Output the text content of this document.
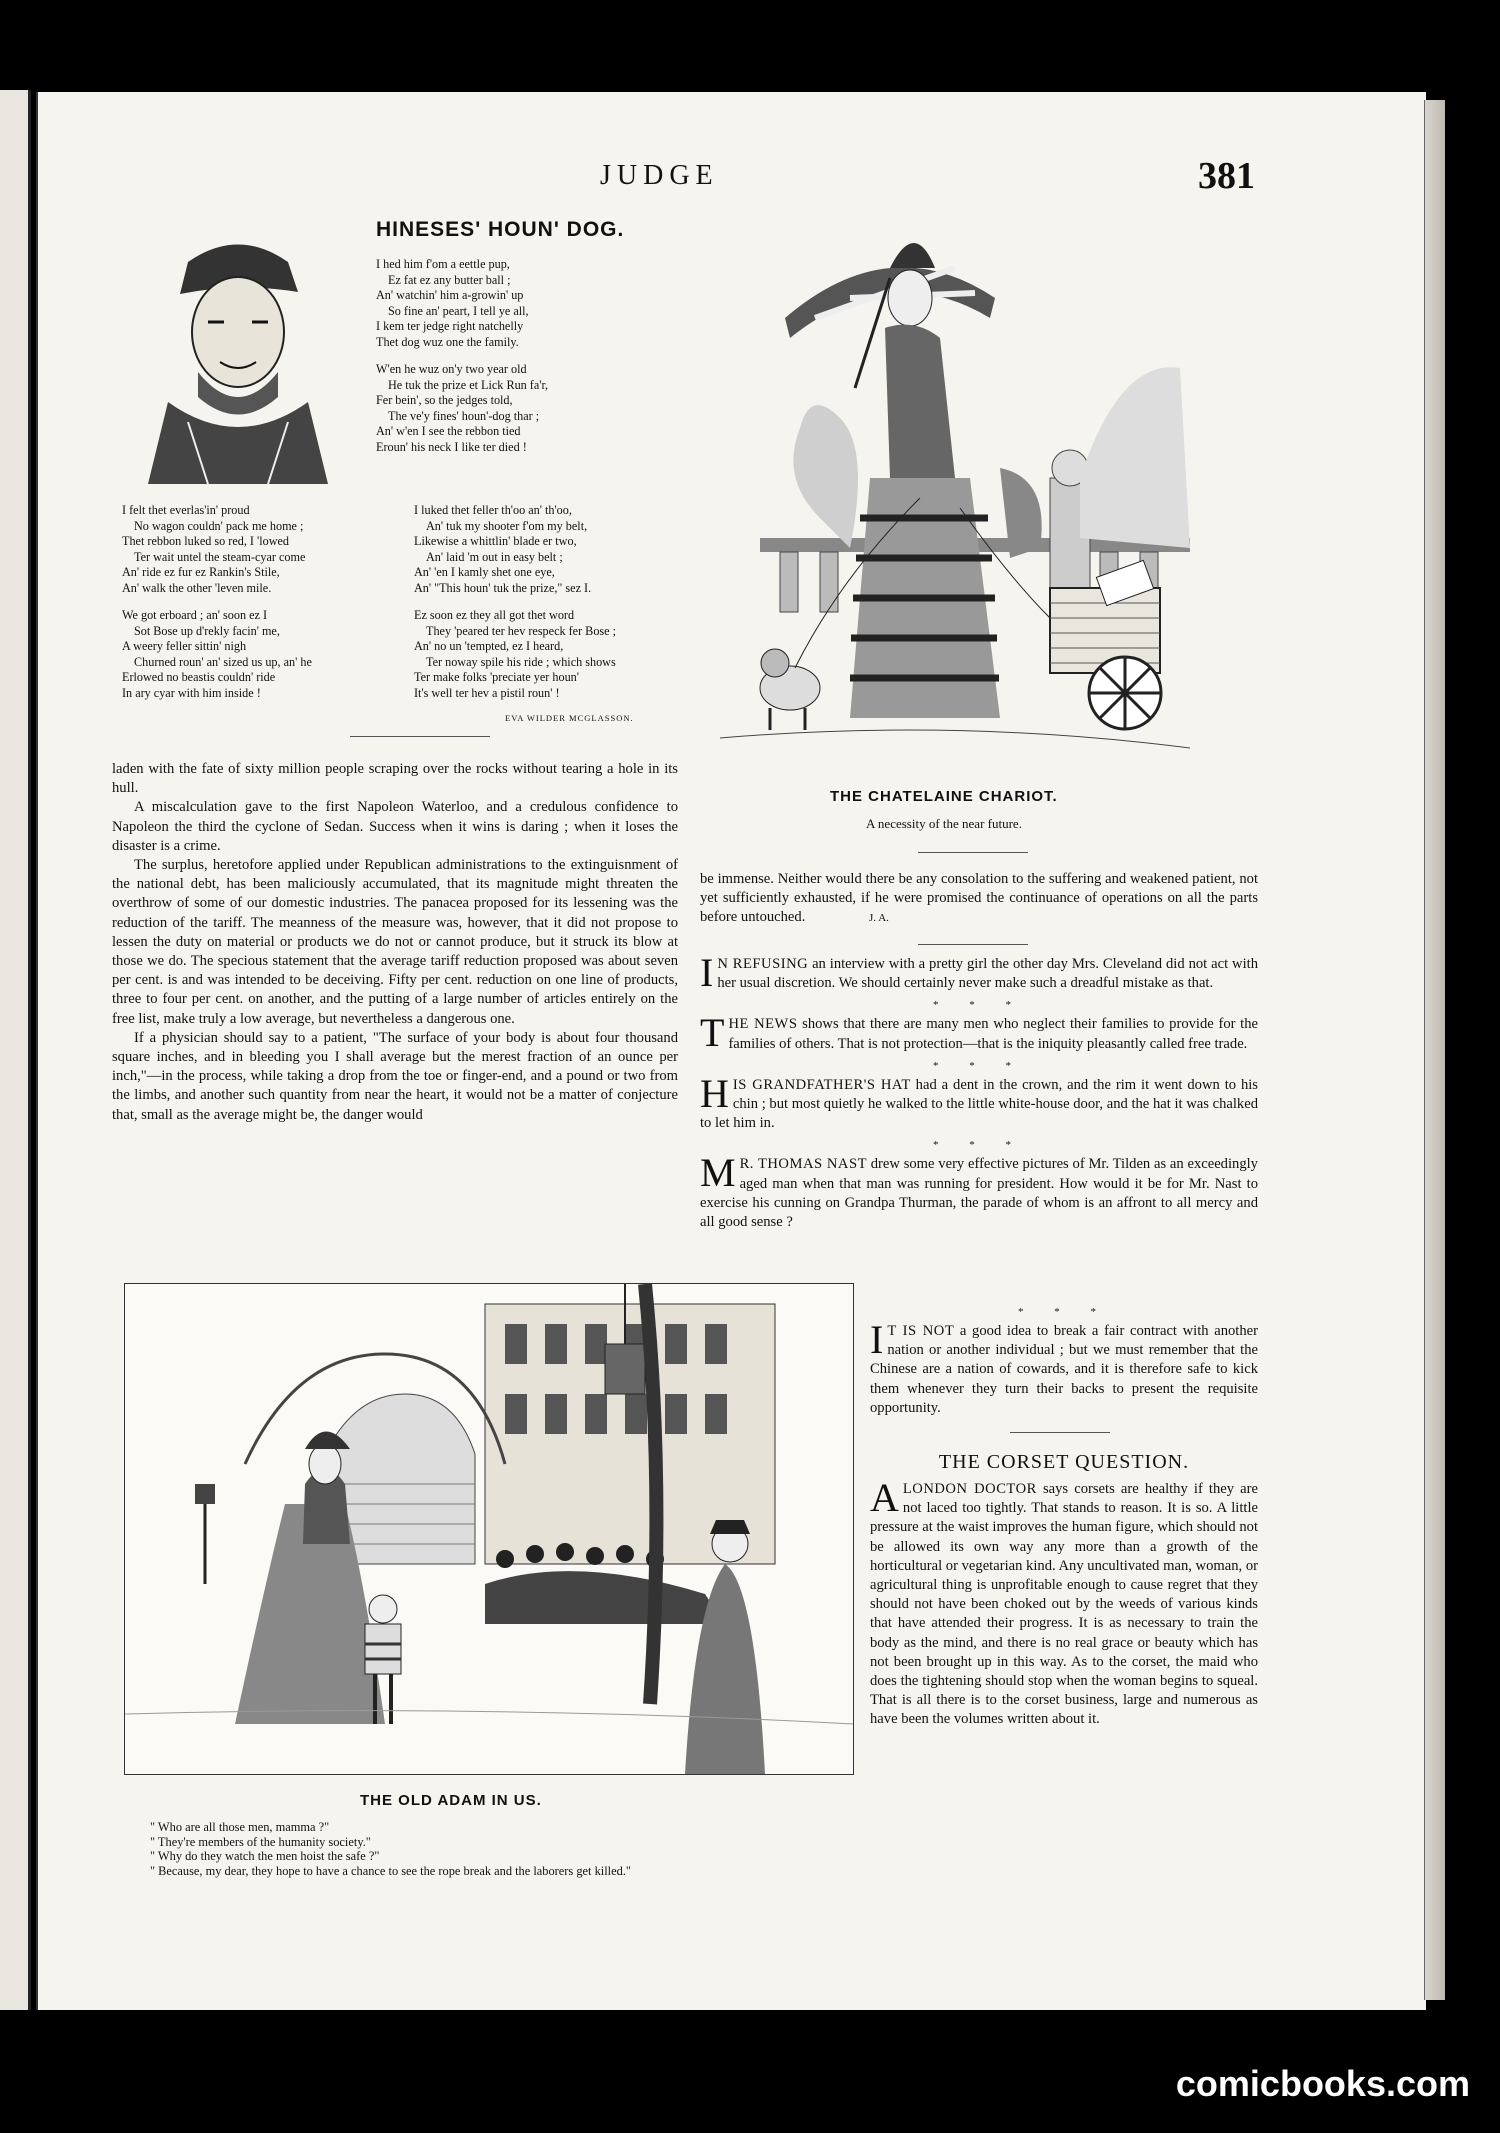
JUDGE	381
HINESES' HOUN' DOG.
I hed him f'om a eettle pup,
Ez fat ez any butter ball ;
An' watchin' him a-growin' up
So fine an' peart, I tell ye all,
I kem ter jedge right natchelly
Thet dog wuz one the family.
W'en he wuz on'y two year old
He tuk the prize et Lick Run fa'r,
Fer bein', so the jedges told,
The ve'y fines' houn'-dog thar ;
An' w'en I see the rebbon tied
Eroun' his neck I like ter died !
I felt thet everlas'in' proud
No wagon couldn' pack me home ;
Thet rebbon luked so red, I 'lowed
Ter wait untel the steam-cyar come
An' ride ez fur ez Rankin's Stile,
An' walk the other 'leven mile.
We got erboard ; an' soon ez I
Sot Bose up d'rekly facin' me,
A weery feller sittin' nigh
Churned roun' an' sized us up, an' he
Erlowed no beastis couldn' ride
In ary cyar with him inside !
I luked thet feller th'oo an' th'oo,
An' tuk my shooter f'om my belt,
Likewise a whittlin' blade er two,
An' laid 'm out in easy belt ;
An' 'en I kamly shet one eye,
An' "This houn' tuk the prize," sez I.
Ez soon ez they all got thet word
They 'peared ter hev respeck fer Bose ;
An' no un 'tempted, ez I heard,
Ter noway spile his ride ; which shows
Ter make folks 'preciate yer houn'
It's well ter hev a pistil roun' !
EVA WILDER MCGLASSON.
THE CHATELAINE CHARIOT.
A necessity of the near future.

laden with the fate of sixty million people scraping over the rocks without tearing a hole in its hull.

A miscalculation gave to the first Napoleon Waterloo, and a credulous confidence to Napoleon the third the cyclone of Sedan. Success when it wins is daring ; when it loses the disaster is a crime.

The surplus, heretofore applied under Republican administrations to the extinguisnment of the national debt, has been maliciously accumulated, that its magnitude might threaten the overthrow of some of our domestic industries. The panacea proposed for its lessening was the reduction of the tariff. The meanness of the measure was, however, that it did not propose to lessen the duty on material or products we do not or cannot produce, but it struck its blow at those we do. The specious statement that the average tariff reduction proposed was about seven per cent. is and was intended to be deceiving. Fifty per cent. reduction on one line of products, three to four per cent. on another, and the putting of a large number of articles entirely on the free list, make truly a low average, but nevertheless a dangerous one.

If a physician should say to a patient, "The surface of your body is about four thousand square inches, and in bleeding you I shall average but the merest fraction of an ounce per inch,"—in the process, while taking a drop from the toe or finger-end, and a pound or two from the limbs, and another such quantity from near the heart, it would not be a matter of conjecture that, small as the average might be, the danger would

be immense. Neither would there be any consolation to the suffering and weakened patient, not yet sufficiently exhausted, if he were promised the continuance of operations on all the parts before untouched.	J. A.

I N REFUSING an interview with a pretty girl the other day Mrs. Cleveland did not act with her usual discretion. We should certainly never make such a dreadful mistake as that.
* * *
T HE NEWS shows that there are many men who neglect their families to provide for the families of others. That is not protection—that is the iniquity pleasantly called free trade.
* * *
H IS GRANDFATHER'S HAT had a dent in the crown, and the rim it went down to his chin ; but most quietly he walked to the little white-house door, and the hat it was chalked to let him in.
* * *
M R. THOMAS NAST drew some very effective pictures of Mr. Tilden as an exceedingly aged man when that man was running for president. How would it be for Mr. Nast to exercise his cunning on Grandpa Thurman, the parade of whom is an affront to all mercy and all good sense ?
* * *
I T IS NOT a good idea to break a fair contract with another nation or another individual ; but we must remember that the Chinese are a nation of cowards, and it is therefore safe to kick them whenever they turn their backs to present the requisite opportunity.
THE CORSET QUESTION.
A LONDON DOCTOR says corsets are healthy if they are not laced too tightly. That stands to reason. It is so. A little pressure at the waist improves the human figure, which should not be allowed its own way any more than a growth of the horticultural or vegetarian kind. Any uncultivated man, woman, or agricultural thing is unprofitable enough to cause regret that they should not have been choked out by the weeds of various kinds that have attended their progress. It is as necessary to train the body as the mind, and there is no real grace or beauty which has not been brought up in this way. As to the corset, the maid who does the tightening should stop when the woman begins to squeal. That is all there is to the corset business, large and numerous as have been the volumes written about it.
THE OLD ADAM IN US.
" Who are all those men, mamma ?"
" They're members of the humanity society."
" Why do they watch the men hoist the safe ?"
" Because, my dear, they hope to have a chance to see the rope break and the laborers get killed."
comicbooks.com
